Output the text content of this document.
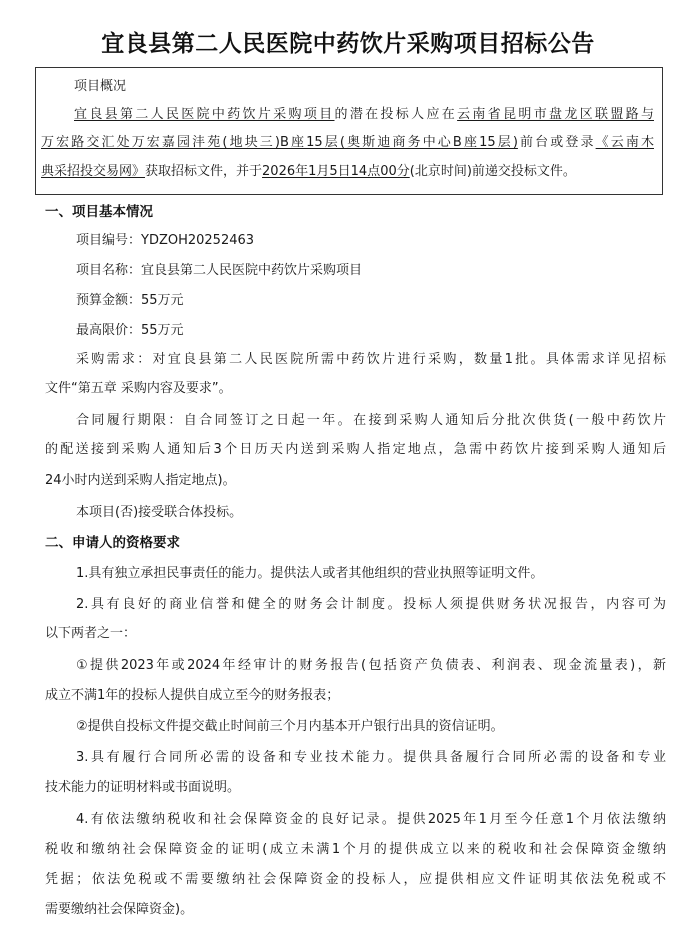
宜良县第二人民医院中药饮片采购项目招标公告
项目概况
宜良县第二人民医院中药饮片采购项目的潜在投标人应在云南省昆明市盘龙区联盟路与
万宏路交汇处万宏嘉园沣苑(地块三)B座15层(奥斯迪商务中心B座15层)前台或登录《云南木
典采招投交易网》获取招标文件，并于2026年1月5日14点00分(北京时间)前递交投标文件。
一、项目基本情况
项目编号：YDZOH20252463
项目名称：宜良县第二人民医院中药饮片采购项目
预算金额：55万元
最高限价：55万元
采购需求：对宜良县第二人民医院所需中药饮片进行采购，数量1批。具体需求详见招标
文件“第五章 采购内容及要求”。
合同履行期限：自合同签订之日起一年。在接到采购人通知后分批次供货(一般中药饮片
的配送接到采购人通知后3个日历天内送到采购人指定地点，急需中药饮片接到采购人通知后
24小时内送到采购人指定地点)。
本项目(否)接受联合体投标。
二、申请人的资格要求
1.具有独立承担民事责任的能力。提供法人或者其他组织的营业执照等证明文件。
2.具有良好的商业信誉和健全的财务会计制度。投标人须提供财务状况报告，内容可为
以下两者之一：
①提供2023年或2024年经审计的财务报告(包括资产负债表、利润表、现金流量表)，新
成立不满1年的投标人提供自成立至今的财务报表；
②提供自投标文件提交截止时间前三个月内基本开户银行出具的资信证明。
3.具有履行合同所必需的设备和专业技术能力。提供具备履行合同所必需的设备和专业
技术能力的证明材料或书面说明。
4.有依法缴纳税收和社会保障资金的良好记录。提供2025年1月至今任意1个月依法缴纳
税收和缴纳社会保障资金的证明(成立未满1个月的提供成立以来的税收和社会保障资金缴纳
凭据；依法免税或不需要缴纳社会保障资金的投标人，应提供相应文件证明其依法免税或不
需要缴纳社会保障资金)。
